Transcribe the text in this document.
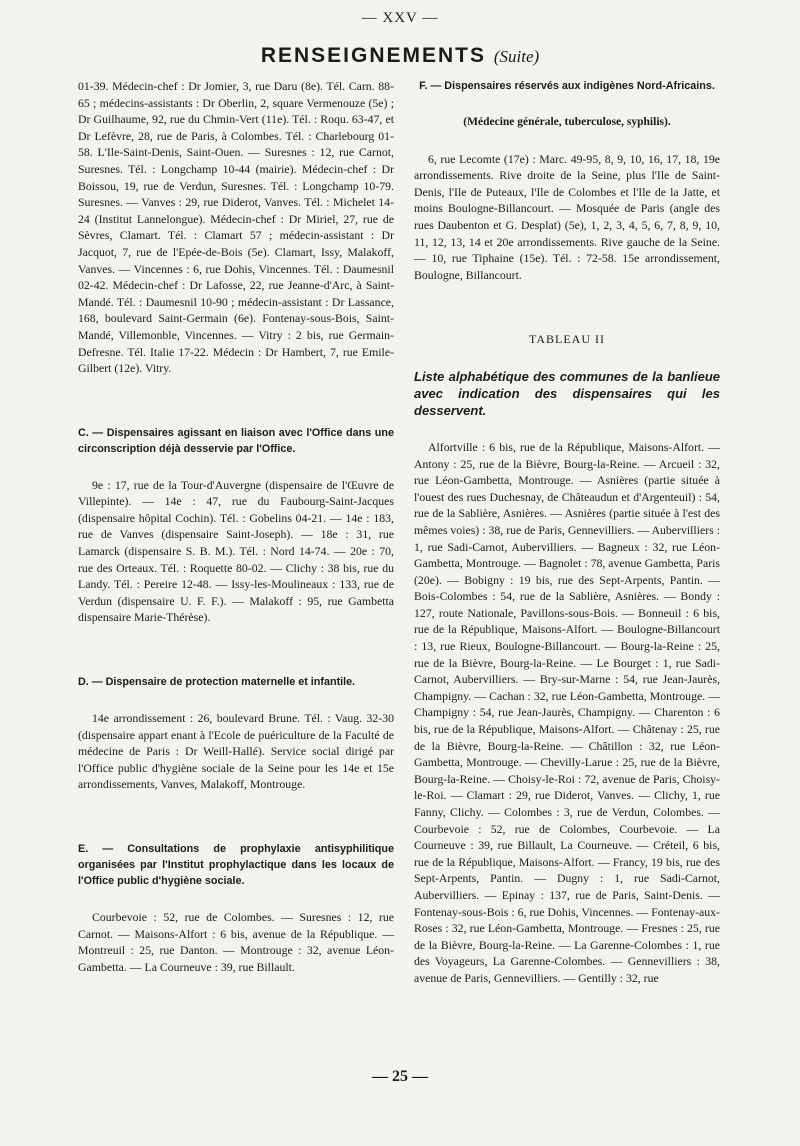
— XXV —
RENSEIGNEMENTS (Suite)

01-39. Médecin-chef : Dr Jomier, 3, rue Daru (8e). Tél. Carn. 88-65 ; médecins-assistants : Dr Oberlin, 2, square Vermenouze (5e) ; Dr Guilhaume, 92, rue du Chmin-Vert (11e). Tél. : Roqu. 63-47, et Dr Lefèvre, 28, rue de Paris, à Colombes. Tél. : Charlebourg 01-58. L'Ile-Saint-Denis, Saint-Ouen. — Suresnes : 12, rue Carnot, Suresnes. Tél. : Longchamp 10-44 (mairie). Médecin-chef : Dr Boissou, 19, rue de Verdun, Suresnes. Tél. : Longchamp 10-79. Suresnes. — Vanves : 29, rue Diderot, Vanves. Tél. : Michelet 14-24 (Institut Lannelongue). Médecin-chef : Dr Miriel, 27, rue de Sèvres, Clamart. Tél. : Clamart 57 ; médecin-assistant : Dr Jacquot, 7, rue de l'Epée-de-Bois (5e). Clamart, Issy, Malakoff, Vanves. — Vincennes : 6, rue Dohis, Vincennes. Tél. : Daumesnil 02-42. Médecin-chef : Dr Lafosse, 22, rue Jeanne-d'Arc, à Saint-Mandé. Tél. : Daumesnil 10-90 ; médecin-assistant : Dr Lassance, 168, boulevard Saint-Germain (6e). Fontenay-sous-Bois, Saint-Mandé, Villemonble, Vincennes. — Vitry : 2 bis, rue Germain-Defresne. Tél. Italie 17-22. Médecin : Dr Hambert, 7, rue Emile-Gilbert (12e). Vitry.

C. — Dispensaires agissant en liaison avec l'Office dans une circonscription déjà desservie par l'Office.

9e : 17, rue de la Tour-d'Auvergne (dispensaire de l'Œuvre de Villepinte). — 14e : 47, rue du Faubourg-Saint-Jacques (dispensaire hôpital Cochin). Tél. : Gobelins 04-21. — 14e : 183, rue de Vanves (dispensaire Saint-Joseph). — 18e : 31, rue Lamarck (dispensaire S. B. M.). Tél. : Nord 14-74. — 20e : 70, rue des Orteaux. Tél. : Roquette 80-02. — Clichy : 38 bis, rue du Landy. Tél. : Pereire 12-48. — Issy-les-Moulineaux : 133, rue de Verdun (dispensaire U. F. F.). — Malakoff : 95, rue Gambetta dispensaire Marie-Thérèse).

D. — Dispensaire de protection maternelle et infantile.

14e arrondissement : 26, boulevard Brune. Tél. : Vaug. 32-30 (dispensaire appart enant à l'Ecole de puériculture de la Faculté de médecine de Paris : Dr Weill-Hallé). Service social dirigé par l'Office public d'hygiène sociale de la Seine pour les 14e et 15e arrondissements, Vanves, Malakoff, Montrouge.

E. — Consultations de prophylaxie antisyphilitique organisées par l'Institut prophylactique dans les locaux de l'Office public d'hygiène sociale.

Courbevoie : 52, rue de Colombes. — Suresnes : 12, rue Carnot. — Maisons-Alfort : 6 bis, avenue de la République. — Montreuil : 25, rue Danton. — Montrouge : 32, avenue Léon-Gambetta. — La Courneuve : 39, rue Billault.

F. — Dispensaires réservés aux indigènes Nord-Africains.

(Médecine générale, tuberculose, syphilis).

6, rue Lecomte (17e) : Marc. 49-95, 8, 9, 10, 16, 17, 18, 19e arrondissements. Rive droite de la Seine, plus l'Ile de Saint-Denis, l'Ile de Puteaux, l'Ile de Colombes et l'Ile de la Jatte, et moins Boulogne-Billancourt. — Mosquée de Paris (angle des rues Daubenton et G. Desplat) (5e), 1, 2, 3, 4, 5, 6, 7, 8, 9, 10, 11, 12, 13, 14 et 20e arrondissements. Rive gauche de la Seine. — 10, rue Tiphaine (15e). Tél. : 72-58. 15e arrondissement, Boulogne, Billancourt.

TABLEAU II

Liste alphabétique des communes de la banlieue avec indication des dispensaires qui les desservent.

Alfortville : 6 bis, rue de la République, Maisons-Alfort. — Antony : 25, rue de la Bièvre, Bourg-la-Reine. — Arcueil : 32, rue Léon-Gambetta, Montrouge. — Asnières (partie située à l'ouest des rues Duchesnay, de Châteaudun et d'Argenteuil) : 54, rue de la Sablière, Asnières. — Asnières (partie située à l'est des mêmes voies) : 38, rue de Paris, Gennevilliers. — Aubervilliers : 1, rue Sadi-Carnot, Aubervilliers. — Bagneux : 32, rue Léon-Gambetta, Montrouge. — Bagnolet : 78, avenue Gambetta, Paris (20e). — Bobigny : 19 bis, rue des Sept-Arpents, Pantin. — Bois-Colombes : 54, rue de la Sablière, Asnières. — Bondy : 127, route Nationale, Pavillons-sous-Bois. — Bonneuil : 6 bis, rue de la République, Maisons-Alfort. — Boulogne-Billancourt : 13, rue Rieux, Boulogne-Billancourt. — Bourg-la-Reine : 25, rue de la Bièvre, Bourg-la-Reine. — Le Bourget : 1, rue Sadi-Carnot, Aubervilliers. — Bry-sur-Marne : 54, rue Jean-Jaurès, Champigny. — Cachan : 32, rue Léon-Gambetta, Montrouge. — Champigny : 54, rue Jean-Jaurès, Champigny. — Charenton : 6 bis, rue de la République, Maisons-Alfort. — Châtenay : 25, rue de la Bièvre, Bourg-la-Reine. — Châtillon : 32, rue Léon-Gambetta, Montrouge. — Chevilly-Larue : 25, rue de la Bièvre, Bourg-la-Reine. — Choisy-le-Roi : 72, avenue de Paris, Choisy-le-Roi. — Clamart : 29, rue Diderot, Vanves. — Clichy, 1, rue Fanny, Clichy. — Colombes : 3, rue de Verdun, Colombes. — Courbevoie : 52, rue de Colombes, Courbevoie. — La Courneuve : 39, rue Billault, La Courneuve. — Créteil, 6 bis, rue de la République, Maisons-Alfort. — Francy, 19 bis, rue des Sept-Arpents, Pantin. — Dugny : 1, rue Sadi-Carnot, Aubervilliers. — Epinay : 137, rue de Paris, Saint-Denis. — Fontenay-sous-Bois : 6, rue Dohis, Vincennes. — Fontenay-aux-Roses : 32, rue Léon-Gambetta, Montrouge. — Fresnes : 25, rue de la Bièvre, Bourg-la-Reine. — La Garenne-Colombes : 1, rue des Voyageurs, La Garenne-Colombes. — Gennevilliers : 38, avenue de Paris, Gennevilliers. — Gentilly : 32, rue

— 25 —
